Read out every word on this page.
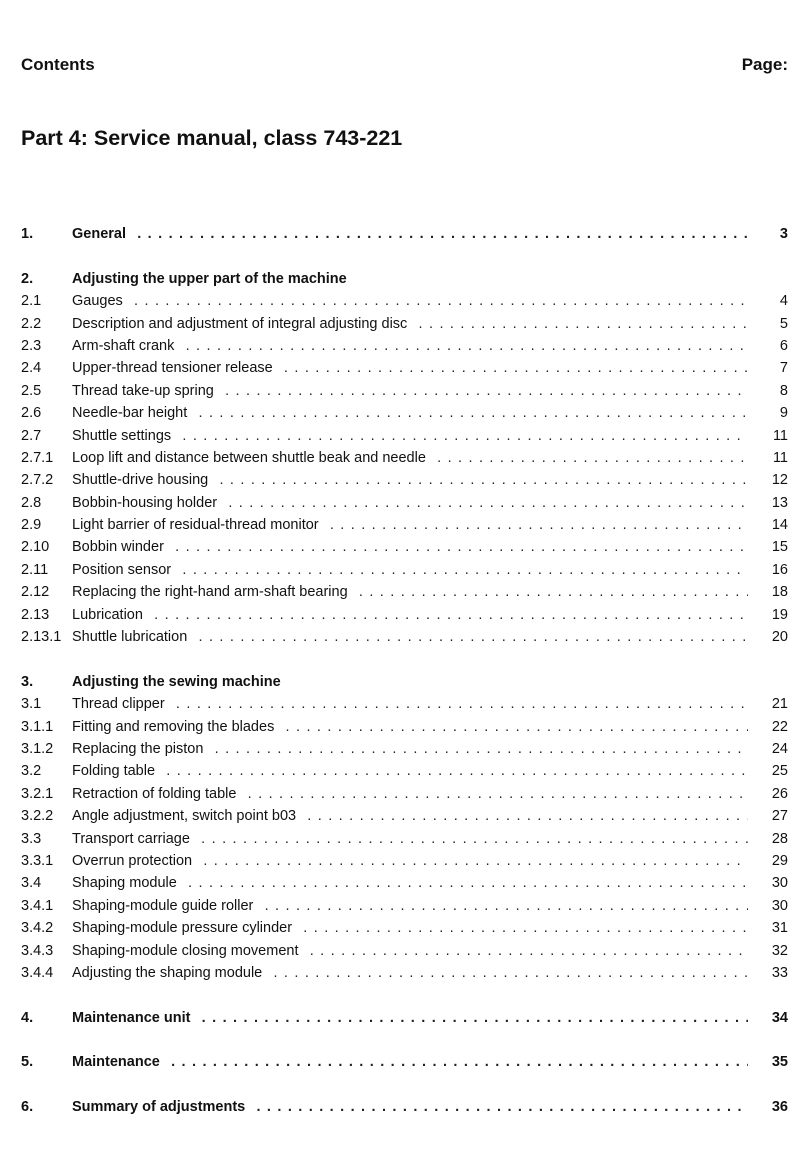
Contents	Page:
Part 4: Service manual, class 743-221
1.	General . . .	3
2.	Adjusting the upper part of the machine
2.1 Gauges . . .	4
2.2 Description and adjustment of integral adjusting disc . . .	5
2.3 Arm-shaft crank . . .	6
2.4 Upper-thread tensioner release . . .	7
2.5 Thread take-up spring . . .	8
2.6 Needle-bar height . . .	9
2.7 Shuttle settings . . .	11
2.7.1 Loop lift and distance between shuttle beak and needle . . .	11
2.7.2 Shuttle-drive housing . . .	12
2.8 Bobbin-housing holder . . .	13
2.9 Light barrier of residual-thread monitor . . .	14
2.10 Bobbin winder . . .	15
2.11 Position sensor . . .	16
2.12 Replacing the right-hand arm-shaft bearing . . .	18
2.13 Lubrication . . .	19
2.13.1 Shuttle lubrication . . .	20
3.	Adjusting the sewing machine
3.1 Thread clipper . . .	21
3.1.1 Fitting and removing the blades . . .	22
3.1.2 Replacing the piston . . .	24
3.2 Folding table . . .	25
3.2.1 Retraction of folding table . . .	26
3.2.2 Angle adjustment, switch point b03 . . .	27
3.3 Transport carriage . . .	28
3.3.1 Overrun protection . . .	29
3.4 Shaping module . . .	30
3.4.1 Shaping-module guide roller . . .	30
3.4.2 Shaping-module pressure cylinder . . .	31
3.4.3 Shaping-module closing movement . . .	32
3.4.4 Adjusting the shaping module . . .	33
4.	Maintenance unit . . .	34
5.	Maintenance . . .	35
6.	Summary of adjustments . . .	36
